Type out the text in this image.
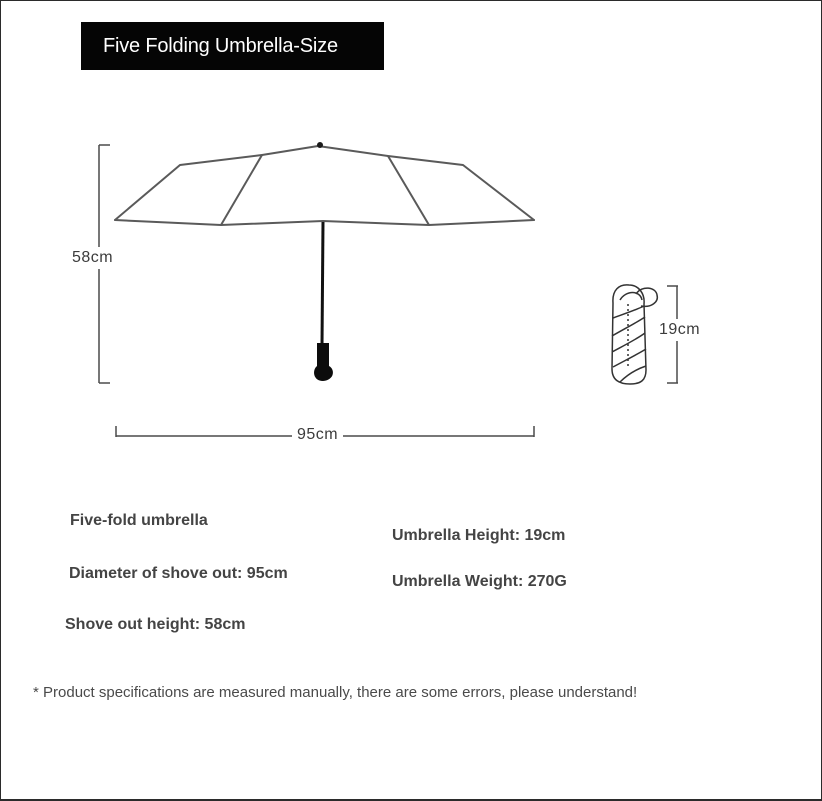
Five Folding Umbrella-Size
58cm
95cm
19cm
Five-fold umbrella
Diameter of shove out: 95cm
Shove out height: 58cm
Umbrella Height: 19cm
Umbrella Weight: 270G
* Product specifications are measured manually, there are some errors, please understand!
